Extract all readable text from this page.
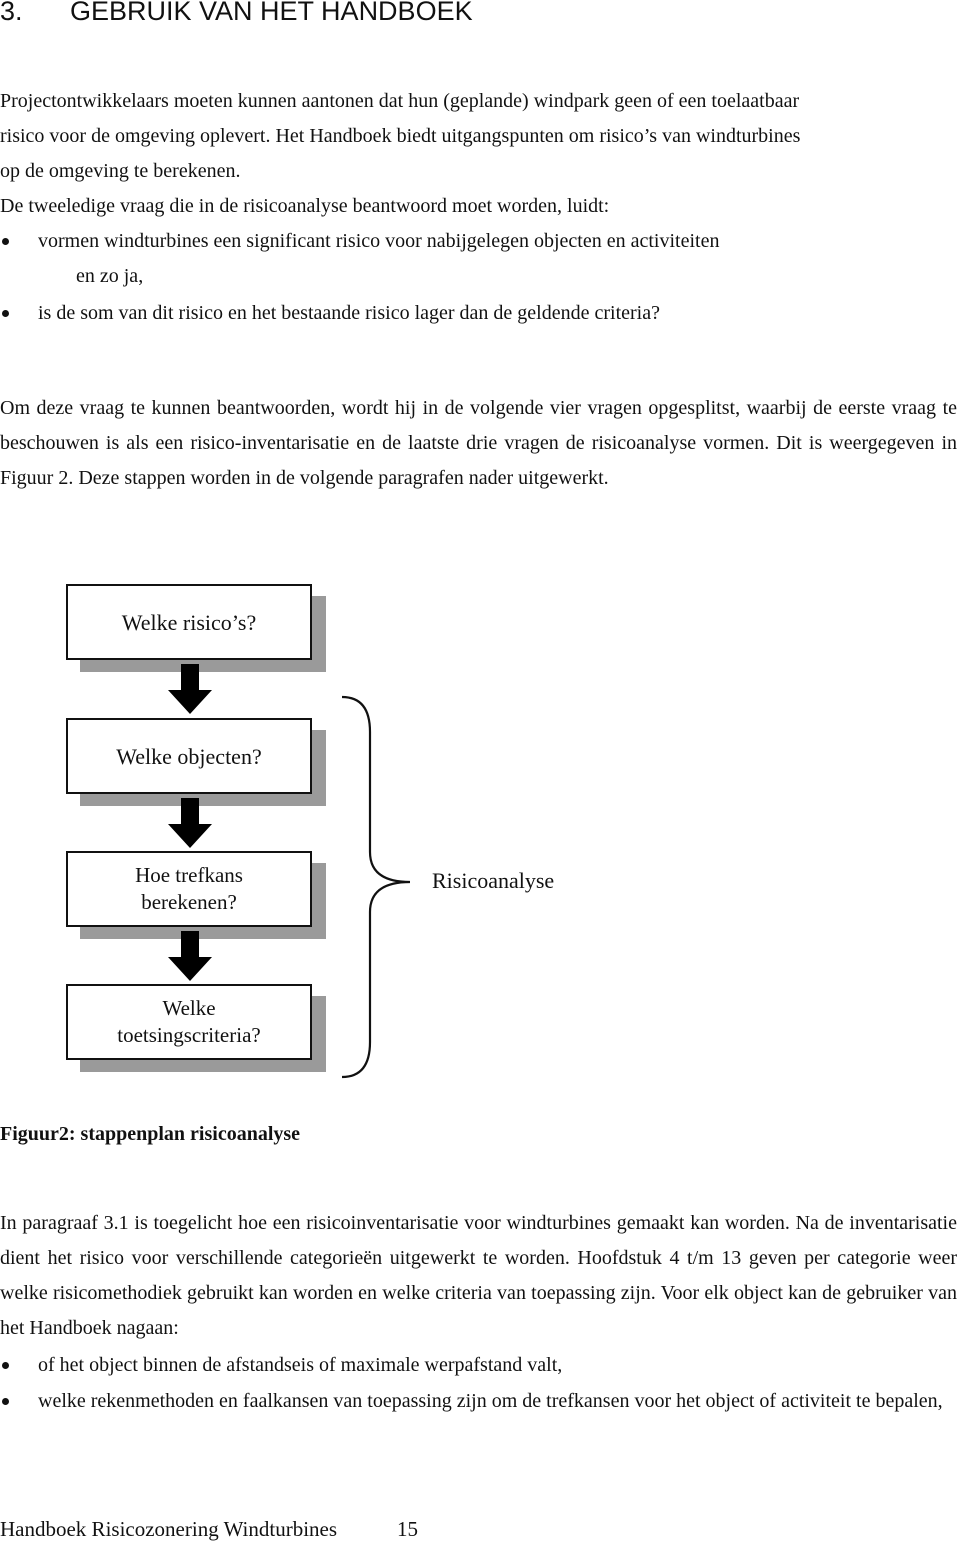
3. GEBRUIK VAN HET HANDBOEK
Projectontwikkelaars moeten kunnen aantonen dat hun (geplande) windpark geen of een toelaatbaar
risico voor de omgeving oplevert. Het Handboek biedt uitgangspunten om risico’s van windturbines
op de omgeving te berekenen.
De tweeledige vraag die in de risicoanalyse beantwoord moet worden, luidt:
vormen windturbines een significant risico voor nabijgelegen objecten en activiteiten
en zo ja,
is de som van dit risico en het bestaande risico lager dan de geldende criteria?
Om deze vraag te kunnen beantwoorden, wordt hij in de volgende vier vragen opgesplitst, waarbij de eerste vraag te beschouwen is als een risico-inventarisatie en de laatste drie vragen de risicoanalyse vormen. Dit is weergegeven in Figuur 2. Deze stappen worden in de volgende paragrafen nader uitgewerkt.
Welke risico’s?
Welke objecten?
Hoe trefkans berekenen?
Welke toetsingscriteria?
Risicoanalyse
Figuur2: stappenplan risicoanalyse
In paragraaf 3.1 is toegelicht hoe een risicoinventarisatie voor windturbines gemaakt kan worden. Na de inventarisatie dient het risico voor verschillende categorieën uitgewerkt te worden. Hoofdstuk 4 t/m 13 geven per categorie weer welke risicomethodiek gebruikt kan worden en welke criteria van toepassing zijn. Voor elk object kan de gebruiker van het Handboek nagaan:
of het object binnen de afstandseis of maximale werpafstand valt,
welke rekenmethoden en faalkansen van toepassing zijn om de trefkansen voor het object of activiteit te bepalen,
Handboek Risicozonering Windturbines	15
